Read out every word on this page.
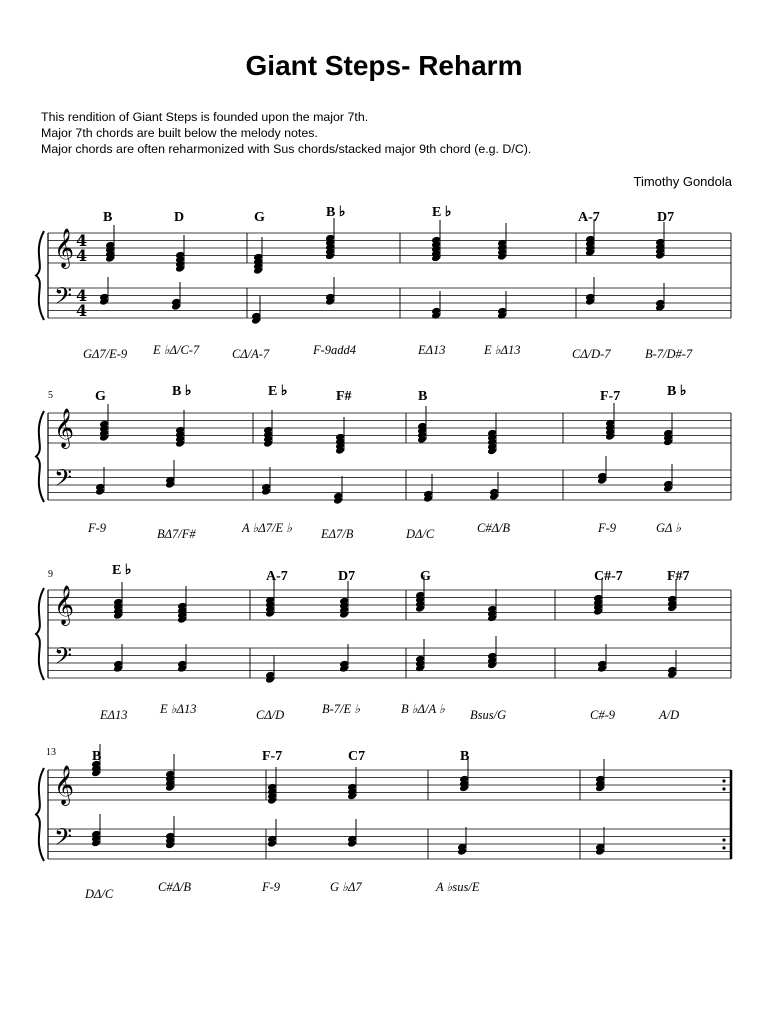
Giant Steps- Reharm
This rendition of Giant Steps is founded upon the major 7th.
Major 7th chords are built below the melody notes.
Major chords are often reharmonized with Sus chords/stacked major 9th chord (e.g. D/C).
Timothy Gondola
𝄞
𝄢
4
4
4
4
𝄞
𝄢
𝄞
𝄢
𝄞
𝄢
5
9
13
B	D	G	B ♭	E ♭	A-7	D7
GΔ7/E-9 E ♭Δ/C-7	CΔ/A-7	F-9add4	EΔ13	E ♭Δ13	CΔ/D-7	B-7/D#-7
G	B ♭	E ♭	F#	B	F-7	B ♭
F-9	BΔ7/F#	A ♭Δ7/E ♭ EΔ7/B	DΔ/C	C#Δ/B	F-9	GΔ ♭
E ♭	A-7	D7	G	C#-7	F#7
EΔ13	E ♭Δ13	CΔ/D	B-7/E ♭	B ♭Δ/A ♭ Bsus/G	C#-9	A/D
B	F-7	C7	B
DΔ/C	C#Δ/B	F-9	G ♭Δ7	A ♭sus/E
